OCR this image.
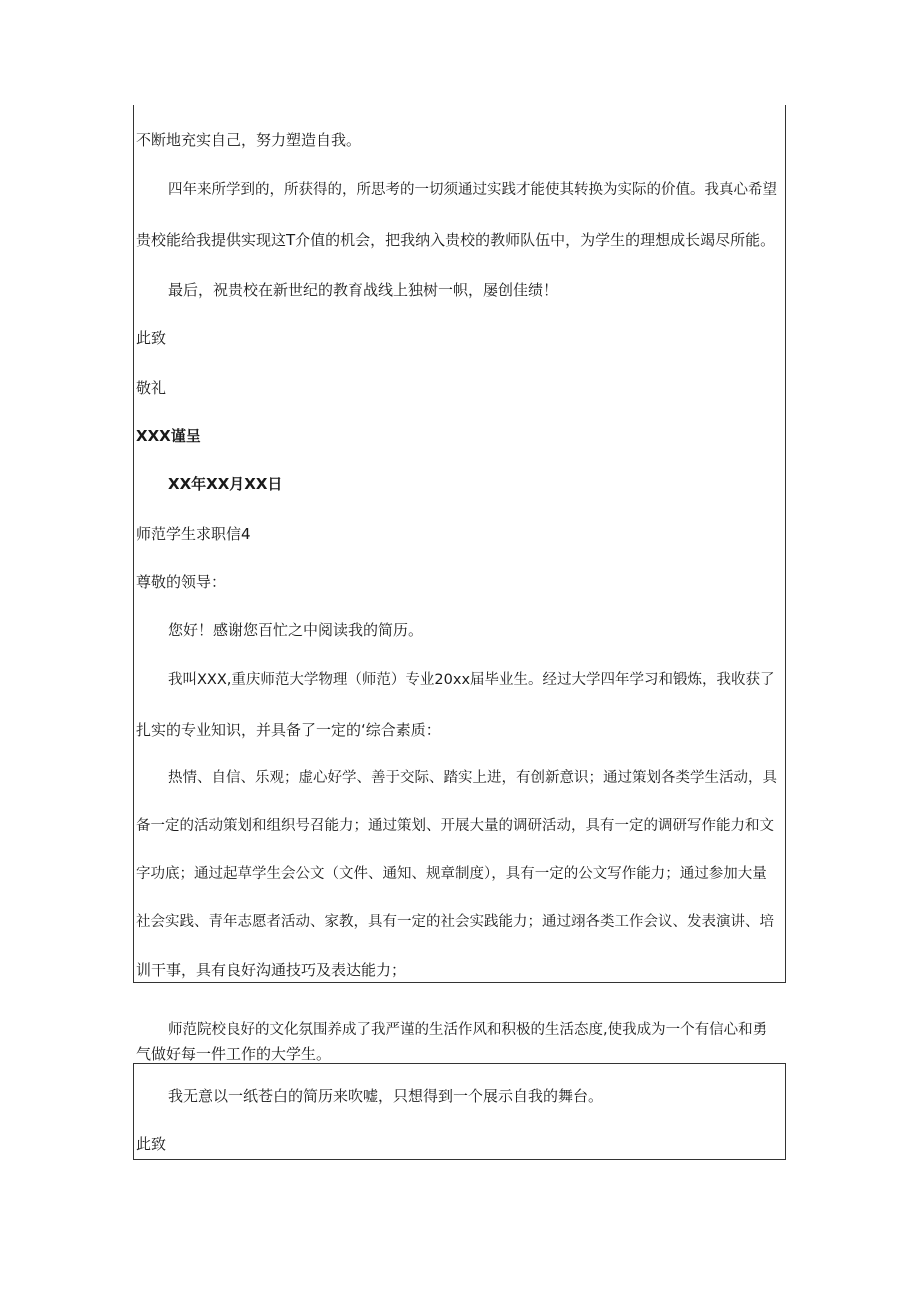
不断地充实自己，努力塑造自我。
四年来所学到的，所获得的，所思考的一切须通过实践才能使其转换为实际的价值。我真心希望
贵校能给我提供实现这T介值的机会，把我纳入贵校的教师队伍中，为学生的理想成长竭尽所能。
最后，祝贵校在新世纪的教育战线上独树一帜，屡创佳绩！
此致
敬礼
XXX谨呈
XX年XX月XX日
师范学生求职信4
尊敬的领导：
您好！感谢您百忙之中阅读我的简历。
我叫XXX,重庆师范大学物理（师范）专业20xx届毕业生。经过大学四年学习和锻炼，我收获了
扎实的专业知识，并具备了一定的‘综合素质：
热情、自信、乐观；虚心好学、善于交际、踏实上进，有创新意识；通过策划各类学生活动，具
备一定的活动策划和组织号召能力；通过策划、开展大量的调研活动，具有一定的调研写作能力和文
字功底；通过起草学生会公文（文件、通知、规章制度），具有一定的公文写作能力；通过参加大量
社会实践、青年志愿者活动、家教，具有一定的社会实践能力；通过翊各类工作会议、发表演讲、培
训干事，具有良好沟通技巧及表达能力；
师范院校良好的文化氛围养成了我严谨的生活作风和积极的生活态度,使我成为一个有信心和勇
气做好每一件工作的大学生。
我无意以一纸苍白的简历来吹嘘，只想得到一个展示自我的舞台。
此致
